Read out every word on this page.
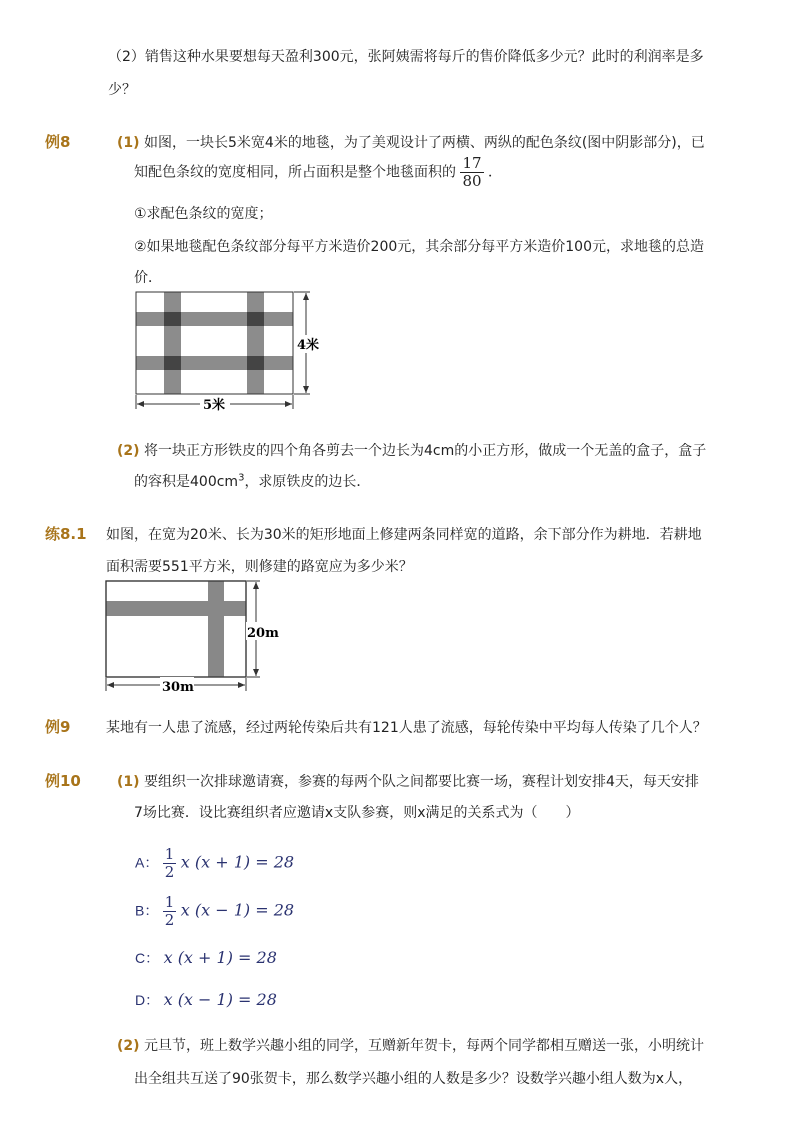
（2）销售这种水果要想每天盈利300元，张阿姨需将每斤的售价降低多少元？此时的利润率是多
少？
例8	(1) 如图，一块长5米宽4米的地毯，为了美观设计了两横、两纵的配色条纹(图中阴影部分)，已
知配色条纹的宽度相同，所占面积是整个地毯面积的 $\frac{17}{80}$ ．
①求配色条纹的宽度；
②如果地毯配色条纹部分每平方米造价200元，其余部分每平方米造价100元，求地毯的总造
价．
4米
5米
(2) 将一块正方形铁皮的四个角各剪去一个边长为4cm的小正方形，做成一个无盖的盒子，盒子
的容积是$400cm^3$，求原铁皮的边长．
练8.1 如图，在宽为20米、长为30米的矩形地面上修建两条同样宽的道路，余下部分作为耕地．若耕地
面积需要551平方米，则修建的路宽应为多少米？
20m
30m
例9	某地有一人患了流感，经过两轮传染后共有121人患了流感，每轮传染中平均每人传染了几个人？
例10	(1) 要组织一次排球邀请赛，参赛的每两个队之间都要比赛一场，赛程计划安排4天，每天安排
7场比赛．设比赛组织者应邀请x支队参赛，则x满足的关系式为（　　）
A： $\frac{1}{2}$ x (x + 1) = 28
B： $\frac{1}{2}$ x (x − 1) = 28
C： x (x + 1) = 28
D： x (x − 1) = 28
(2) 元旦节，班上数学兴趣小组的同学，互赠新年贺卡，每两个同学都相互赠送一张，小明统计
出全组共互送了90张贺卡，那么数学兴趣小组的人数是多少？设数学兴趣小组人数为x人，
